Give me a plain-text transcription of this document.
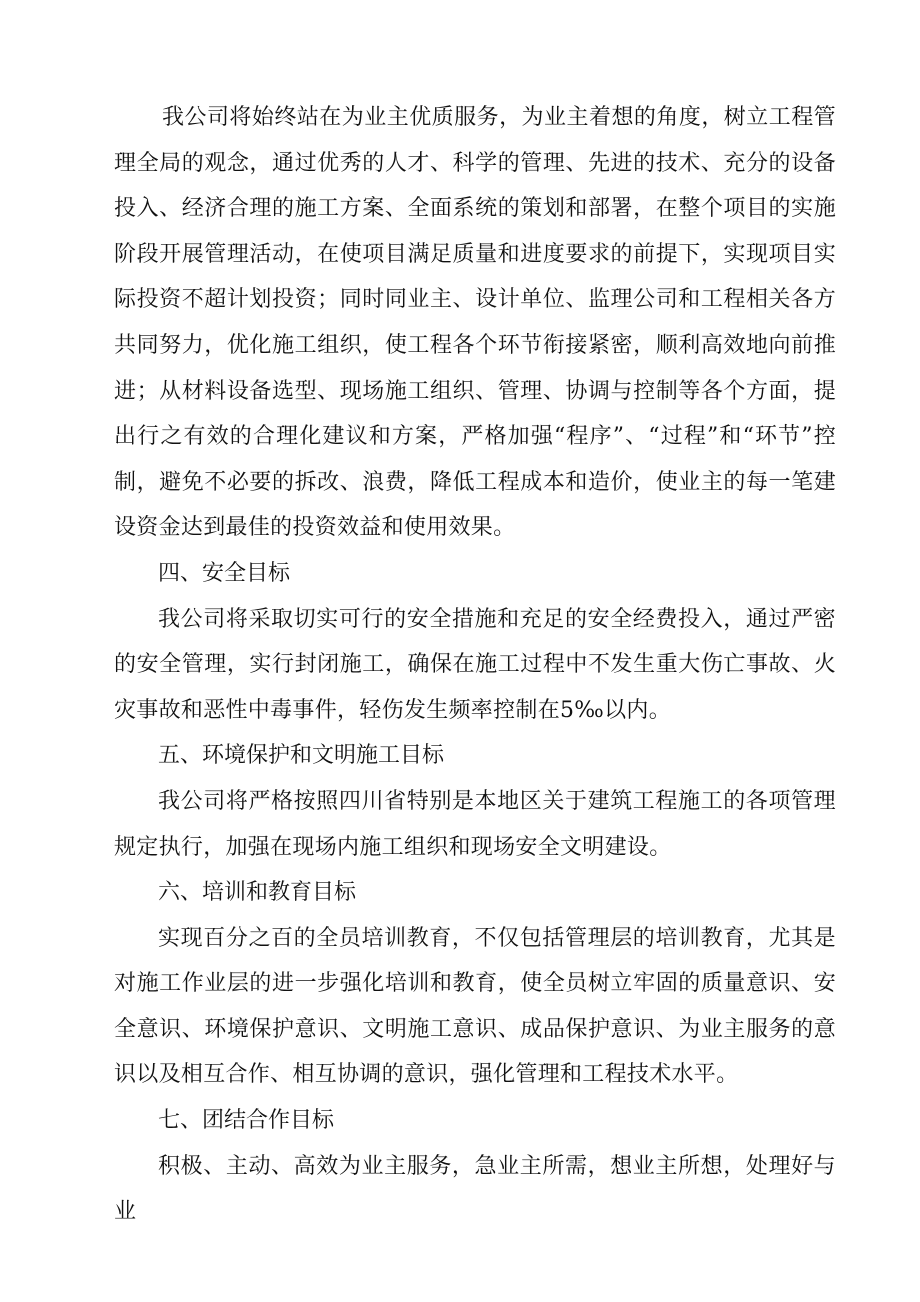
我公司将始终站在为业主优质服务，为业主着想的角度，树立工程管理全局的观念，通过优秀的人才、科学的管理、先进的技术、充分的设备投入、经济合理的施工方案、全面系统的策划和部署，在整个项目的实施阶段开展管理活动，在使项目满足质量和进度要求的前提下，实现项目实际投资不超计划投资；同时同业主、设计单位、监理公司和工程相关各方共同努力，优化施工组织，使工程各个环节衔接紧密，顺利高效地向前推进；从材料设备选型、现场施工组织、管理、协调与控制等各个方面，提出行之有效的合理化建议和方案，严格加强“程序”、“过程”和“环节”控制，避免不必要的拆改、浪费，降低工程成本和造价，使业主的每一笔建设资金达到最佳的投资效益和使用效果。

四、安全目标

我公司将采取切实可行的安全措施和充足的安全经费投入，通过严密的安全管理，实行封闭施工，确保在施工过程中不发生重大伤亡事故、火灾事故和恶性中毒事件，轻伤发生频率控制在5‰以内。

五、环境保护和文明施工目标

我公司将严格按照四川省特别是本地区关于建筑工程施工的各项管理规定执行，加强在现场内施工组织和现场安全文明建设。

六、培训和教育目标

实现百分之百的全员培训教育，不仅包括管理层的培训教育，尤其是对施工作业层的进一步强化培训和教育，使全员树立牢固的质量意识、安全意识、环境保护意识、文明施工意识、成品保护意识、为业主服务的意识以及相互合作、相互协调的意识，强化管理和工程技术水平。

七、团结合作目标

积极、主动、高效为业主服务，急业主所需，想业主所想，处理好与业
